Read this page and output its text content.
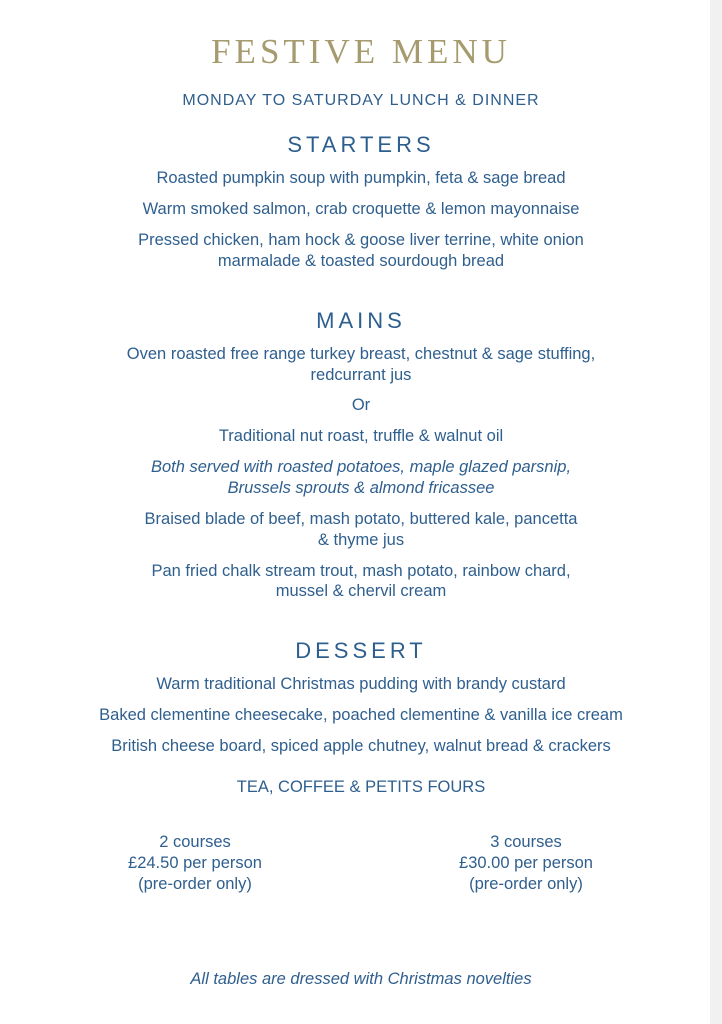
FESTIVE MENU
MONDAY TO SATURDAY LUNCH & DINNER
STARTERS
Roasted pumpkin soup with pumpkin, feta & sage bread
Warm smoked salmon, crab croquette & lemon mayonnaise
Pressed chicken, ham hock & goose liver terrine, white onion
marmalade & toasted sourdough bread
MAINS
Oven roasted free range turkey breast, chestnut & sage stuffing,
redcurrant jus
Or
Traditional nut roast, truffle & walnut oil
Both served with roasted potatoes, maple glazed parsnip,
Brussels sprouts & almond fricassee
Braised blade of beef, mash potato, buttered kale, pancetta
& thyme jus
Pan fried chalk stream trout, mash potato, rainbow chard,
mussel & chervil cream
DESSERT
Warm traditional Christmas pudding with brandy custard
Baked clementine cheesecake, poached clementine & vanilla ice cream
British cheese board, spiced apple chutney, walnut bread & crackers
TEA, COFFEE & PETITS FOURS
2 courses
£24.50 per person
(pre-order only)
3 courses
£30.00 per person
(pre-order only)
All tables are dressed with Christmas novelties
